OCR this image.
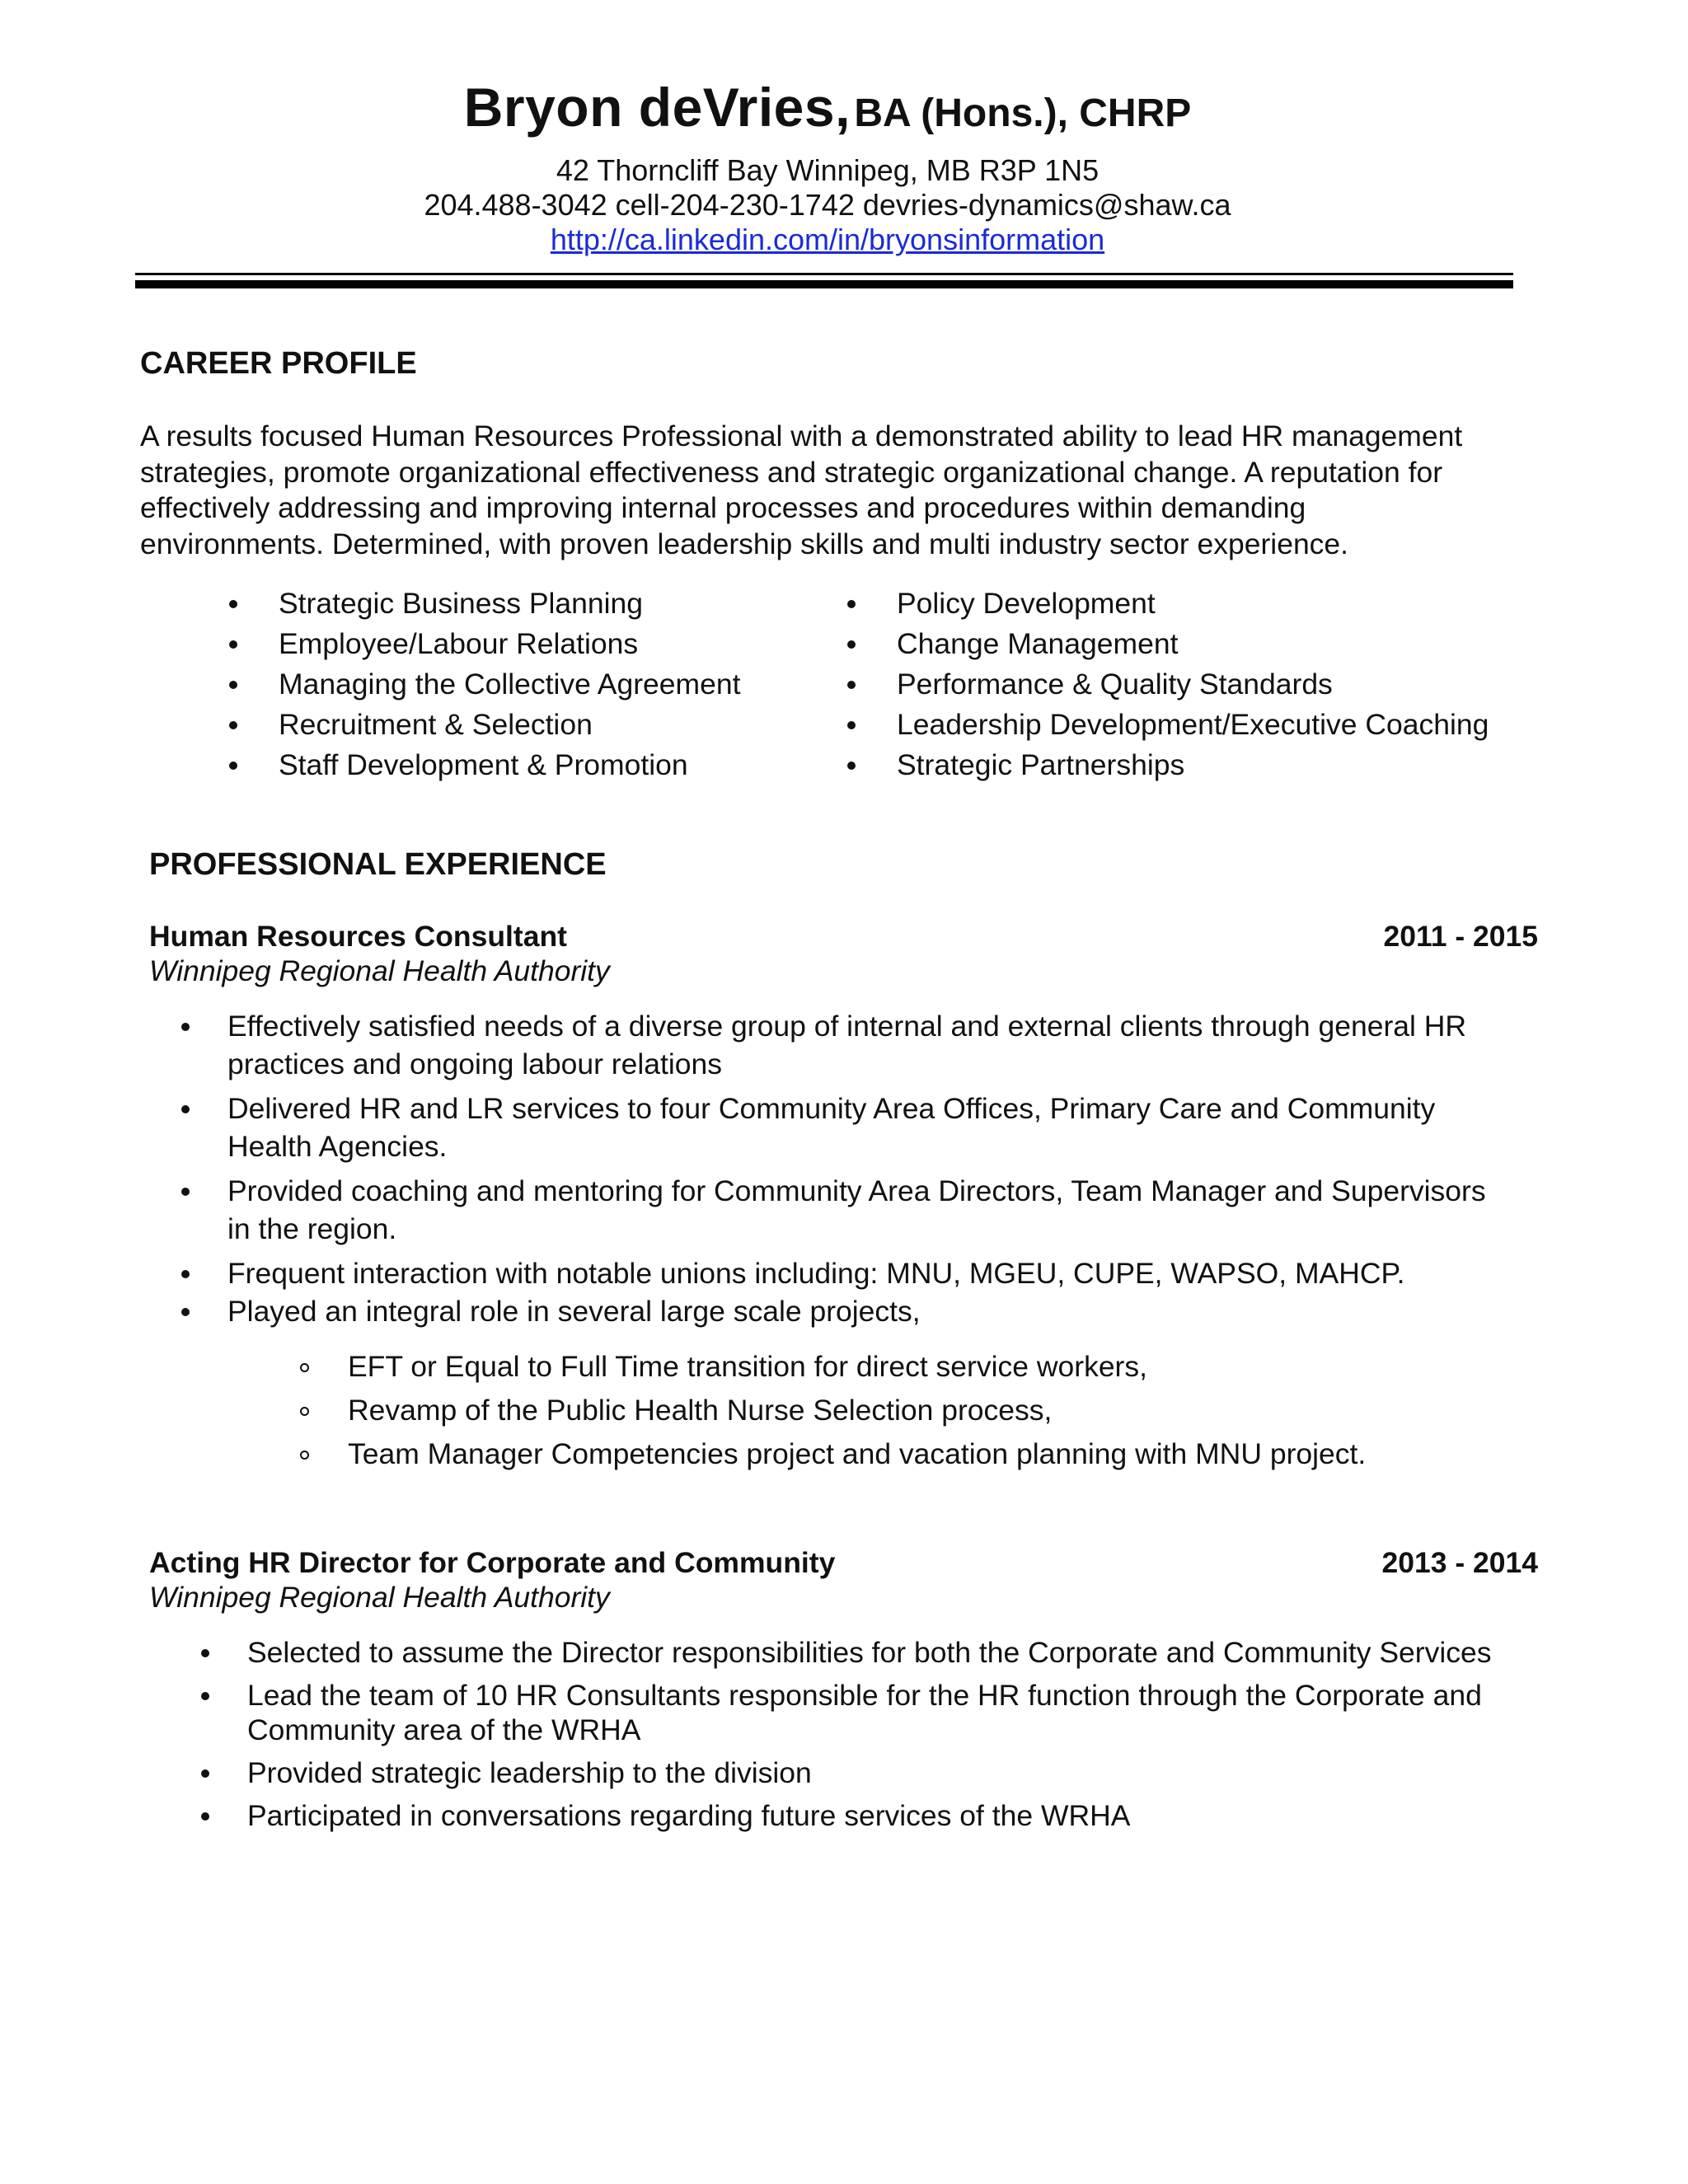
Bryon deVries, BA (Hons.), CHRP
42 Thorncliff Bay Winnipeg, MB R3P 1N5
204.488-3042 cell-204-230-1742 devries-dynamics@shaw.ca
http://ca.linkedin.com/in/bryonsinformation
CAREER PROFILE

A results focused Human Resources Professional with a demonstrated ability to lead HR management

strategies, promote organizational effectiveness and strategic organizational change. A reputation for

effectively addressing and improving internal processes and procedures within demanding

environments. Determined, with proven leadership skills and multi industry sector experience.

Strategic Business Planning
Employee/Labour Relations
Managing the Collective Agreement
Recruitment & Selection
Staff Development & Promotion
Policy Development
Change Management
Performance & Quality Standards
Leadership Development/Executive Coaching
Strategic Partnerships
PROFESSIONAL EXPERIENCE
Human Resources Consultant	2011 - 2015
Winnipeg Regional Health Authority
Effectively satisfied needs of a diverse group of internal and external clients through general HR
practices and ongoing labour relations
Delivered HR and LR services to four Community Area Offices, Primary Care and Community
Health Agencies.
Provided coaching and mentoring for Community Area Directors, Team Manager and Supervisors
in the region.
Frequent interaction with notable unions including: MNU, MGEU, CUPE, WAPSO, MAHCP.
Played an integral role in several large scale projects,
EFT or Equal to Full Time transition for direct service workers,
Revamp of the Public Health Nurse Selection process,
Team Manager Competencies project and vacation planning with MNU project.
Acting HR Director for Corporate and Community	2013 - 2014
Winnipeg Regional Health Authority
Selected to assume the Director responsibilities for both the Corporate and Community Services
Lead the team of 10 HR Consultants responsible for the HR function through the Corporate and
Community area of the WRHA
Provided strategic leadership to the division
Participated in conversations regarding future services of the WRHA
